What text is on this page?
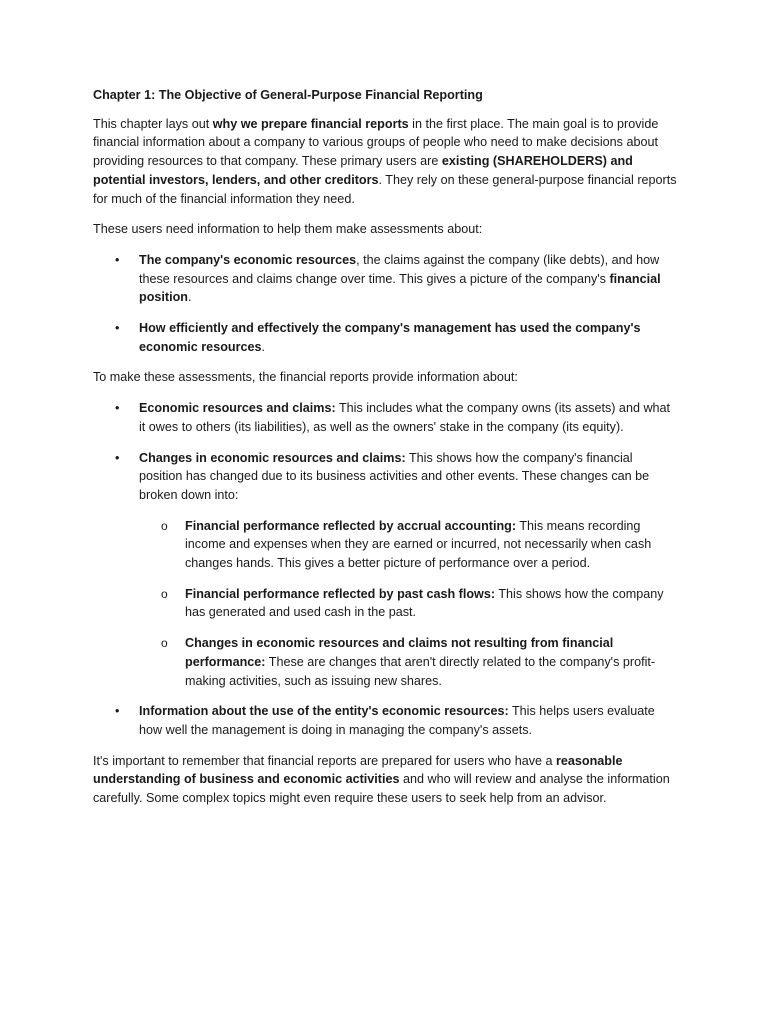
Chapter 1: The Objective of General-Purpose Financial Reporting

This chapter lays out why we prepare financial reports in the first place. The main goal is to provide financial information about a company to various groups of people who need to make decisions about providing resources to that company. These primary users are existing (SHAREHOLDERS) and potential investors, lenders, and other creditors. They rely on these general-purpose financial reports for much of the financial information they need.

These users need information to help them make assessments about:

• The company's economic resources, the claims against the company (like debts), and how these resources and claims change over time. This gives a picture of the company's financial position.
• How efficiently and effectively the company's management has used the company's economic resources.

To make these assessments, the financial reports provide information about:

• Economic resources and claims: This includes what the company owns (its assets) and what it owes to others (its liabilities), as well as the owners' stake in the company (its equity).
• Changes in economic resources and claims: This shows how the company's financial position has changed due to its business activities and other events. These changes can be broken down into:
o Financial performance reflected by accrual accounting: This means recording income and expenses when they are earned or incurred, not necessarily when cash changes hands. This gives a better picture of performance over a period.
o Financial performance reflected by past cash flows: This shows how the company has generated and used cash in the past.
o Changes in economic resources and claims not resulting from financial performance: These are changes that aren't directly related to the company's profit-making activities, such as issuing new shares.
• Information about the use of the entity's economic resources: This helps users evaluate how well the management is doing in managing the company's assets.

It's important to remember that financial reports are prepared for users who have a reasonable understanding of business and economic activities and who will review and analyse the information carefully. Some complex topics might even require these users to seek help from an advisor.
